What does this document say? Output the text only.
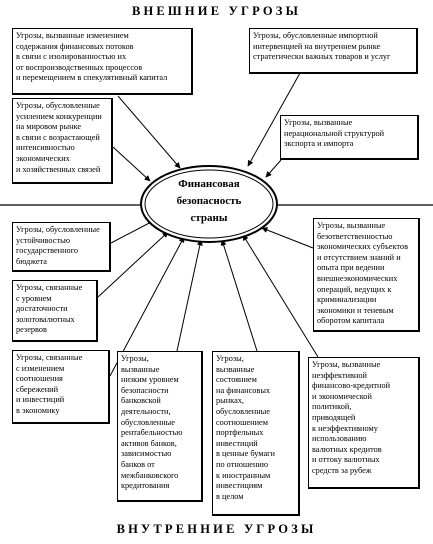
ВНЕШНИЕ УГРОЗЫ
ВНУТРЕННИЕ УГРОЗЫ
Финансовая
безопасность
страны
Угрозы, вызванные изменением
содержания финансовых потоков
в связи с изолированностью их
от воспроизводственных процессов
и перемещением в спекулятивный капитал
Угрозы, обусловленные импортной
интервенцией на внутреннем рынке
стратегически важных товаров и услуг
Угрозы, обусловленные
усилением конкуренции
на мировом рынке
в связи с возрастающей
интенсивностью
экономических
и хозяйственных связей
Угрозы, вызванные
нерациональной структурой
экспорта и импорта
Угрозы, обусловленные
устойчивостью
государственного
бюджета
Угрозы, вызванные
безответственностью
экономических субъектов
и отсутствием знаний и
опыта при ведении
внешнеэкономических
операций, ведущих к
криминализации
экономики и теневым
оборотом капитала
Угрозы, связанные
с уровнем
достаточности
золотовалютных
резервов
Угрозы, связанные
с изменением
соотношения
сбережений
и инвестиций
в экономику
Угрозы,
вызванные
низким уровнем
безопасности
банковской
деятельности,
обусловленные
рентабельностью
активов банков,
зависимостью
банков от
межбанковского
кредитования
Угрозы,
вызванные
состоянием
на финансовых
рынках,
обусловленные
соотношением
портфельных
инвестиций
в ценные бумаги
по отношению
к иностранным
инвестициям
в целом
Угрозы, вызванные
неэффективной
финансово-кредитной
и экономической
политикой,
приводящей
к неэффективному
использованию
валютных кредитов
и оттоку валютных
средств за рубеж
